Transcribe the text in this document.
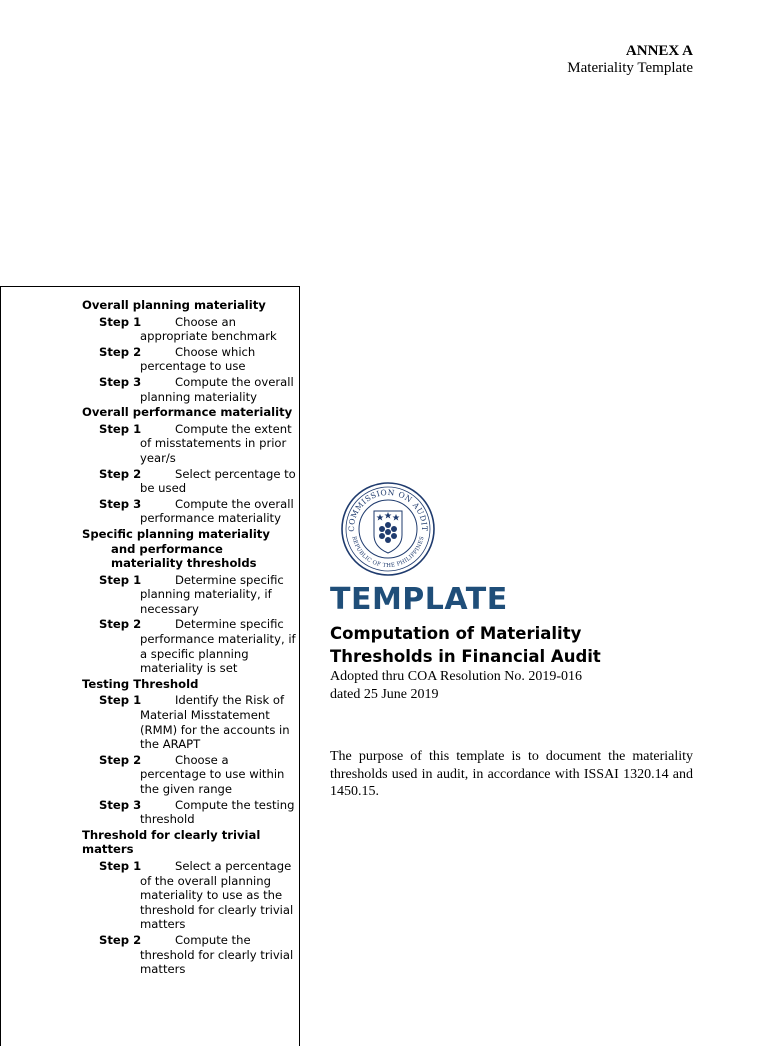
ANNEX A
Materiality Template
Overall planning materiality
Step 1	Choose an appropriate benchmark
Step 2	Choose which percentage to use
Step 3	Compute the overall planning materiality
Overall performance materiality
Step 1	Compute the extent of misstatements in prior year/s
Step 2	Select percentage to be used
Step 3	Compute the overall performance materiality
Specific planning materiality
and performance materiality thresholds
Step 1	Determine specific planning materiality, if necessary
Step 2	Determine specific performance materiality, if a specific planning materiality is set
Testing Threshold
Step 1	Identify the Risk of Material Misstatement (RMM) for the accounts in the ARAPT
Step 2	Choose a percentage to use within the given range
Step 3	Compute the testing threshold
Threshold for clearly trivial matters
Step 1	Select a percentage of the overall planning materiality to use as the threshold for clearly trivial matters
Step 2	Compute the threshold for clearly trivial matters
COMMISSION ON AUDIT
REPUBLIC OF THE PHILIPPINES
TEMPLATE
Computation of Materiality Thresholds in Financial Audit
Adopted thru COA Resolution No. 2019-016
dated 25 June 2019
The purpose of this template is to document the materiality thresholds used in audit, in accordance with ISSAI 1320.14 and 1450.15.
